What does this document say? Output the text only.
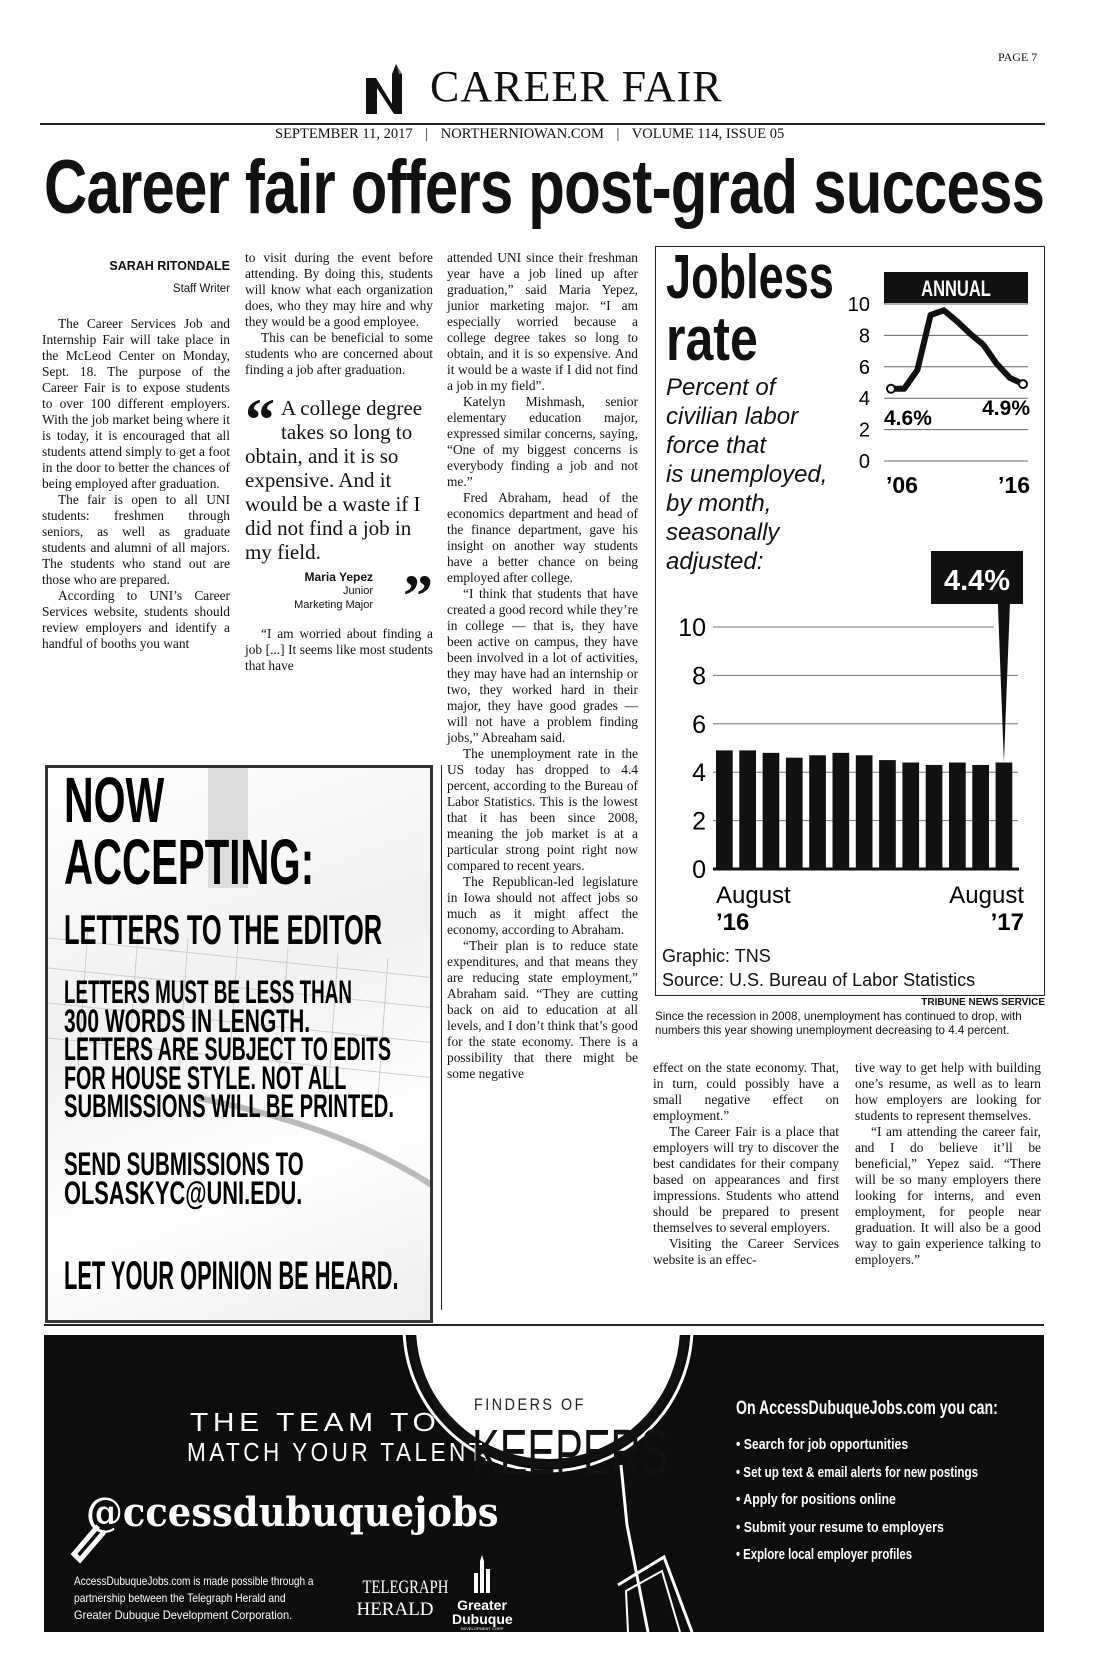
PAGE 7
CAREER FAIR
SEPTEMBER 11, 2017 | NORTHERNIOWAN.COM | VOLUME 114, ISSUE 05
Career fair offers post-grad success
SARAH RITONDALE
Staff Writer

The Career Services Job and Internship Fair will take place in the McLeod Center on Monday, Sept. 18. The purpose of the Career Fair is to expose students to over 100 different employers. With the job market being where it is today, it is encouraged that all students attend simply to get a foot in the door to better the chances of being employed after graduation.

The fair is open to all UNI students: freshmen through seniors, as well as graduate students and alumni of all majors. The students who stand out are those who are prepared.

According to UNI’s Career Services website, students should review employers and identify a handful of booths you want

to visit during the event before attending. By doing this, students will know what each organization does, who they may hire and why they would be a good employee.

This can be beneficial to some students who are concerned about finding a job after graduation.

“ A college degree takes so long to obtain, and it is so expensive. And it would be a waste if I did not find a job in my field.
Maria Yepez
Junior
Marketing Major ”

“I am worried about finding a job [...] It seems like most students that have

attended UNI since their freshman year have a job lined up after graduation,” said Maria Yepez, junior marketing major. “I am especially worried because a college degree takes so long to obtain, and it is so expensive. And it would be a waste if I did not find a job in my field”.

Katelyn Mishmash, senior elementary education major, expressed similar concerns, saying, “One of my biggest concerns is everybody finding a job and not me.”

Fred Abraham, head of the economics department and head of the finance department, gave his insight on another way students have a better chance on being employed after college.

“I think that students that have created a good record while they’re in college — that is, they have been active on campus, they have been involved in a lot of activities, they may have had an internship or two, they worked hard in their major, they have good grades — will not have a problem finding jobs,” Abreaham said.

The unemployment rate in the US today has dropped to 4.4 percent, according to the Bureau of Labor Statistics. This is the lowest that it has been since 2008, meaning the job market is at a particular strong point right now compared to recent years.

The Republican-led legislature in Iowa should not affect jobs so much as it might affect the economy, according to Abraham.

“Their plan is to reduce state expenditures, and that means they are reducing state employment,” Abraham said. “They are cutting back on aid to education at all levels, and I don’t think that’s good for the state economy. There is a possibility that there might be some negative	effect on the state economy. That, in turn, could possibly have a small negative effect on employment.”

The Career Fair is a place that employers will try to discover the best candidates for their company based on appearances and first impressions. Students who attend should be prepared to present themselves to several employers.

Visiting the Career Services website is an effec-

tive way to get help with building one’s resume, as well as to learn how employers are looking for students to represent themselves.

“I am attending the career fair, and I do believe it’ll be beneficial,” Yepez said. “There will be so many employers there looking for interns, and even employment, for people near graduation. It will also be a good way to gain experience talking to employers.”

Jobless
rate
Percent of
civilian labor
force that
is unemployed,
by month,
seasonally
adjusted:
ANNUAL
0
2
4
6
8
10
4.6% 4.9%
’06	’16
0
2
4
6
8
10
4.4%
August
’16
August
’17
Graphic: TNS
Source: U.S. Bureau of Labor Statistics
TRIBUNE NEWS SERVICE
Since the recession in 2008, unemployment has continued to drop, with numbers this year showing unemployment decreasing to 4.4 percent.
NOW
ACCEPTING:
LETTERS TO THE EDITOR
LETTERS MUST BE LESS THAN
300 WORDS IN LENGTH.
LETTERS ARE SUBJECT TO EDITS
FOR HOUSE STYLE. NOT ALL
SUBMISSIONS WILL BE PRINTED.
SEND SUBMISSIONS TO
OLSASKYC@UNI.EDU.
LET YOUR OPINION BE HEARD.
THE TEAM TO
MATCH YOUR TALENT.
@ccessdubuquejobs
AccessDubuqueJobs.com is made possible through a
partnership between the Telegraph Herald and
Greater Dubuque Development Corporation.
TELEGRAPH
HERALD	Greater
Dubuque
DEVELOPMENT CORP
FINDERS OF
KEEPERS
On AccessDubuqueJobs.com you can:
• Search for job opportunities
• Set up text & email alerts for new postings
• Apply for positions online
• Submit your resume to employers
• Explore local employer profiles
